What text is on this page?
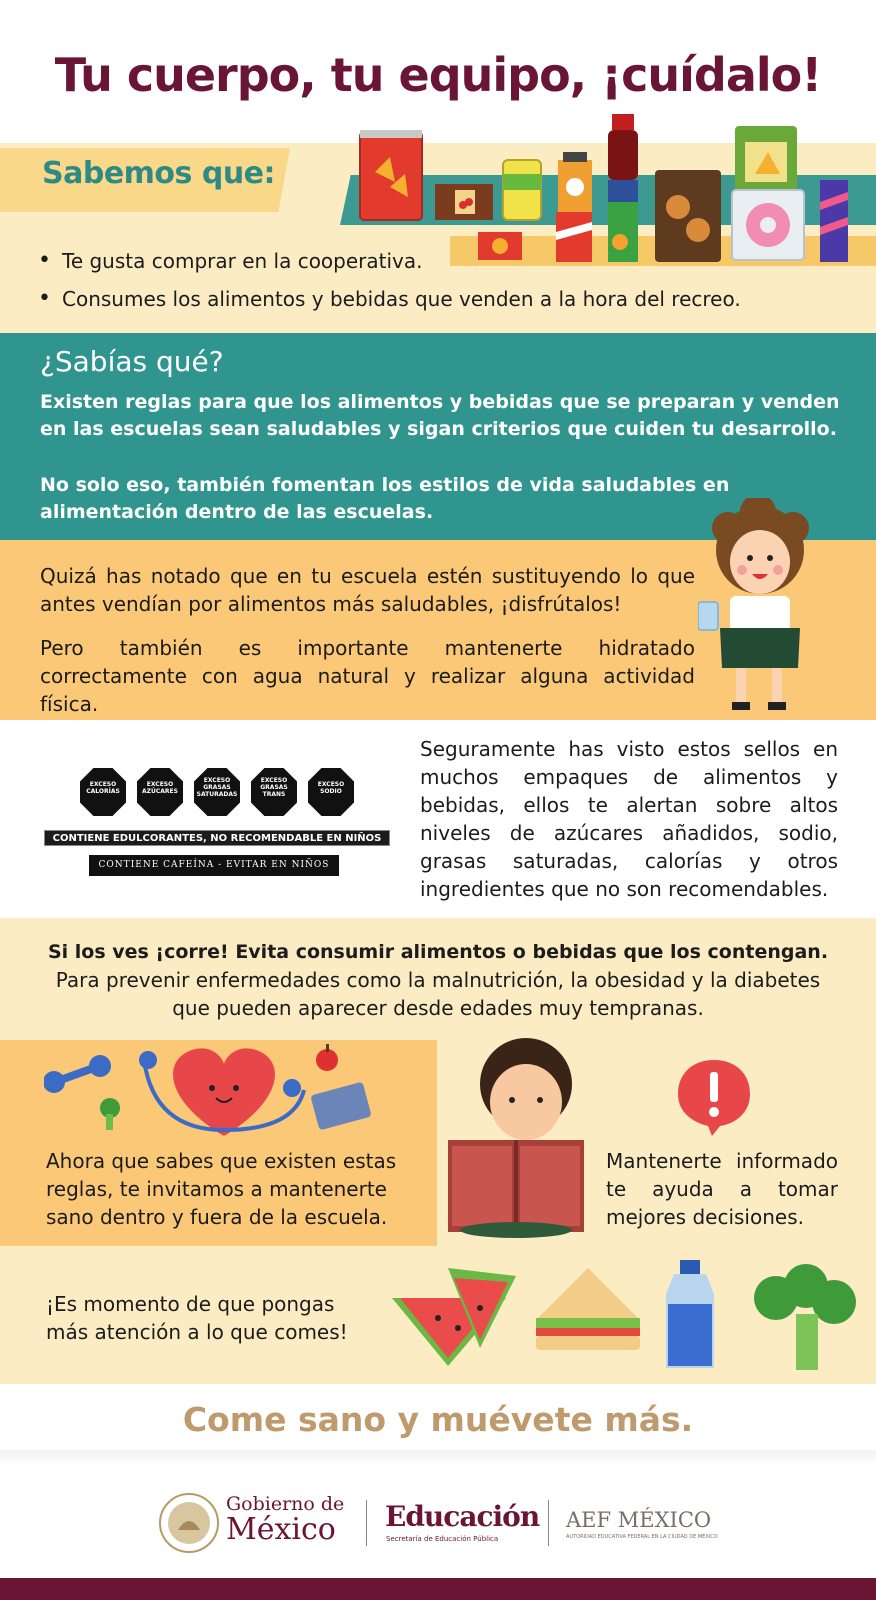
Tu cuerpo, tu equipo, ¡cuídalo!
Sabemos que:
• Te gusta comprar en la cooperativa.
• Consumes los alimentos y bebidas que venden a la hora del recreo.
¿Sabías qué?
Existen reglas para que los alimentos y bebidas que se preparan y venden en las escuelas sean saludables y sigan criterios que cuiden tu desarrollo.
No solo eso, también fomentan los estilos de vida saludables en alimentación dentro de las escuelas.
Quizá has notado que en tu escuela estén sustituyendo lo que antes vendían por alimentos más saludables, ¡disfrútalos!
Pero también es importante mantenerte hidratado correctamente con agua natural y realizar alguna actividad física.
EXCESO CALORÍAS
EXCESO AZÚCARES
EXCESO GRASAS SATURADAS
EXCESO GRASAS TRANS
EXCESO SODIO
CONTIENE EDULCORANTES, NO RECOMENDABLE EN NIÑOS
CONTIENE CAFEÍNA - EVITAR EN NIÑOS
Seguramente has visto estos sellos en muchos empaques de alimentos y bebidas, ellos te alertan sobre altos niveles de azúcares añadidos, sodio, grasas saturadas, calorías y otros ingredientes que no son recomendables.
Si los ves ¡corre! Evita consumir alimentos o bebidas que los contengan.
Para prevenir enfermedades como la malnutrición, la obesidad y la diabetes que pueden aparecer desde edades muy tempranas.
Ahora que sabes que existen estas reglas, te invitamos a mantenerte sano dentro y fuera de la escuela.
Mantenerte informado te ayuda a tomar mejores decisiones.
¡Es momento de que pongas más atención a lo que comes!
Come sano y muévete más.
Gobierno de
México Educación
Secretaría de Educación Pública
AEF MÉXICO
AUTORIDAD EDUCATIVA FEDERAL EN LA CIUDAD DE MÉXICO
